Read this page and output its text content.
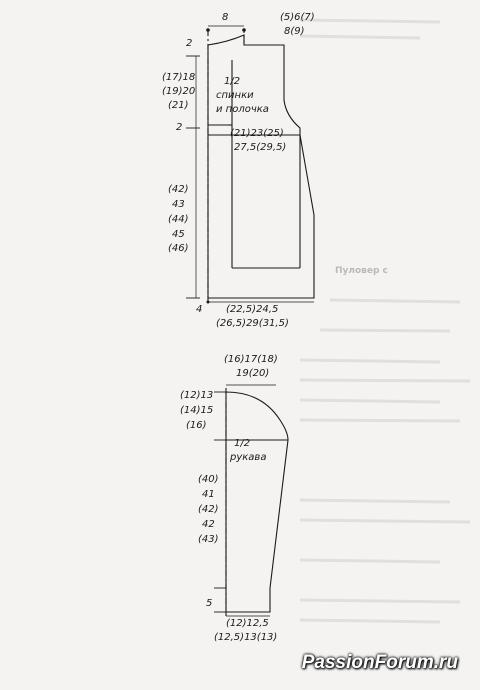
Пуловер с
8	(5)6(7)
8(9)
2
(17)18
(19)20
(21)
2
(42)
43
(44)
45
(46)
1/2
спинки
и полочка
(21)23(25)
27,5(29,5)
4 (22,5)24,5
(26,5)29(31,5)
(16)17(18)
19(20)
(12)13
(14)15
(16)
(40)
41
(42)
42
(43)
5
1/2
рукава
(12)12,5
(12,5)13(13)
PassionForum.ru
